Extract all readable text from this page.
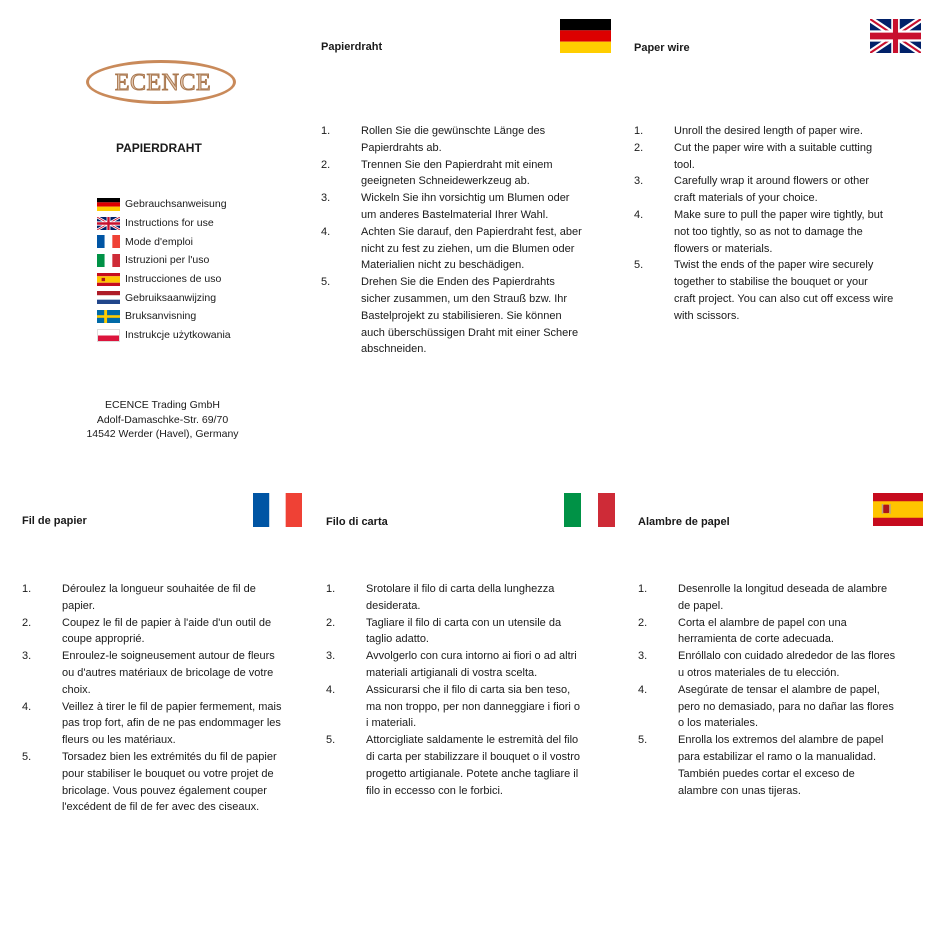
ECENCE
PAPIERDRAHT
Gebrauchsanweisung
Instructions for use
Mode d'emploi
Istruzioni per l'uso
Instrucciones de uso
Gebruiksaanwijzing
Bruksanvisning
Instrukcje użytkowania
ECENCE Trading GmbH
Adolf-Damaschke-Str. 69/70
14542 Werder (Havel), Germany
Papierdraht
1.	Rollen Sie die gewünschte Länge des
Papierdrahts ab.
2.	Trennen Sie den Papierdraht mit einem
geeigneten Schneidewerkzeug ab.
3.	Wickeln Sie ihn vorsichtig um Blumen oder
um anderes Bastelmaterial Ihrer Wahl.
4.	Achten Sie darauf, den Papierdraht fest, aber
nicht zu fest zu ziehen, um die Blumen oder
Materialien nicht zu beschädigen.
5.	Drehen Sie die Enden des Papierdrahts
sicher zusammen, um den Strauß bzw. Ihr
Bastelprojekt zu stabilisieren. Sie können
auch überschüssigen Draht mit einer Schere
abschneiden.
Paper wire
1.	Unroll the desired length of paper wire.
2.	Cut the paper wire with a suitable cutting
tool.
3.	Carefully wrap it around flowers or other
craft materials of your choice.
4.	Make sure to pull the paper wire tightly, but
not too tightly, so as not to damage the
flowers or materials.
5.	Twist the ends of the paper wire securely
together to stabilise the bouquet or your
craft project. You can also cut off excess wire
with scissors.
Fil de papier
1.	Déroulez la longueur souhaitée de fil de
papier.
2.	Coupez le fil de papier à l'aide d'un outil de
coupe approprié.
3.	Enroulez-le soigneusement autour de fleurs
ou d'autres matériaux de bricolage de votre
choix.
4.	Veillez à tirer le fil de papier fermement, mais
pas trop fort, afin de ne pas endommager les
fleurs ou les matériaux.
5.	Torsadez bien les extrémités du fil de papier
pour stabiliser le bouquet ou votre projet de
bricolage. Vous pouvez également couper
l'excédent de fil de fer avec des ciseaux.
Filo di carta
1.	Srotolare il filo di carta della lunghezza
desiderata.
2.	Tagliare il filo di carta con un utensile da
taglio adatto.
3.	Avvolgerlo con cura intorno ai fiori o ad altri
materiali artigianali di vostra scelta.
4.	Assicurarsi che il filo di carta sia ben teso,
ma non troppo, per non danneggiare i fiori o
i materiali.
5.	Attorcigliate saldamente le estremità del filo
di carta per stabilizzare il bouquet o il vostro
progetto artigianale. Potete anche tagliare il
filo in eccesso con le forbici.
Alambre de papel
1.	Desenrolle la longitud deseada de alambre
de papel.
2.	Corta el alambre de papel con una
herramienta de corte adecuada.
3.	Enróllalo con cuidado alrededor de las flores
u otros materiales de tu elección.
4.	Asegúrate de tensar el alambre de papel,
pero no demasiado, para no dañar las flores
o los materiales.
5.	Enrolla los extremos del alambre de papel
para estabilizar el ramo o la manualidad.
También puedes cortar el exceso de
alambre con unas tijeras.
